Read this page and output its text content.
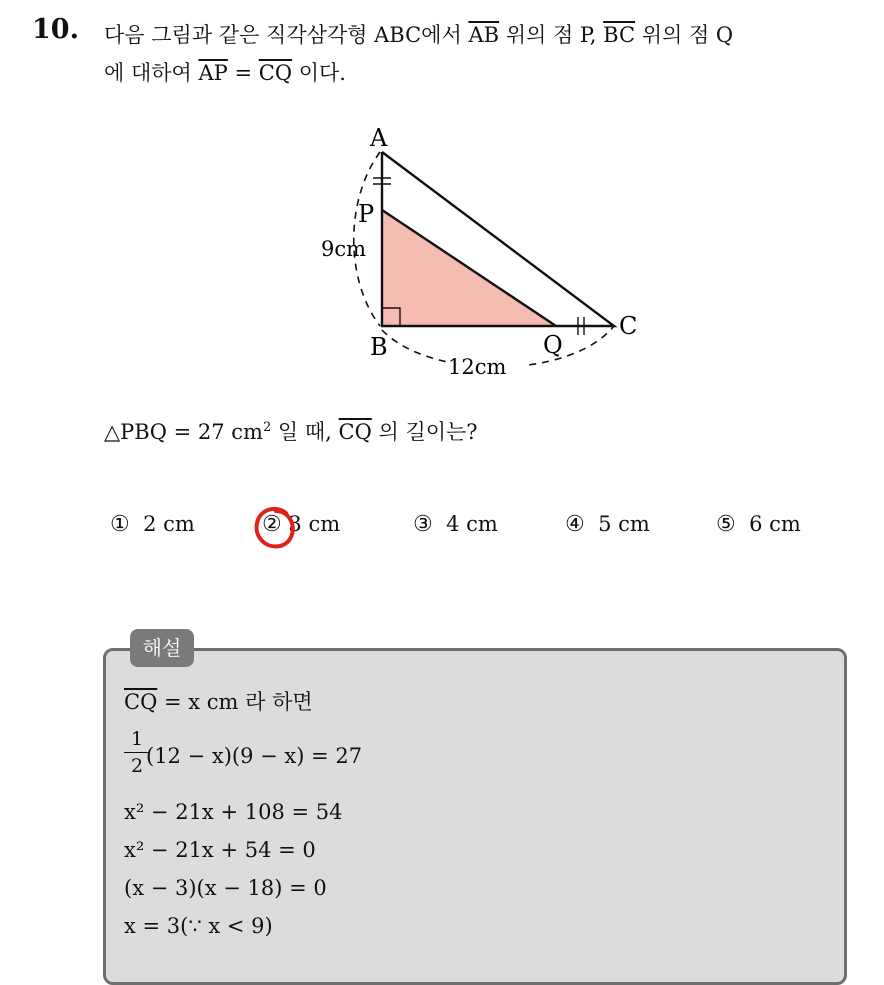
10. 다음 그림과 같은 직각삼각형 ABC에서 $\overline{AB}$ 위의 점 P, $\overline{BC}$ 위의 점 Q
에 대하여 $\overline{AP} = \overline{CQ}$ 이다.
A
P
B	Q
C
9cm
12cm
△PBQ = 27 $cm^2$ 일 때, $\overline{CQ}$ 의 길이는?
① 2 cm	② 3 cm	③ 4 cm	④ 5 cm	⑤ 6 cm
해설
$\overline{CQ} = x$ cm 라 하면
1
2 (12 − x)(9 − x) = 27
x² − 21x + 108 = 54
x² − 21x + 54 = 0
(x − 3)(x − 18) = 0
x = 3(∵ x < 9)
